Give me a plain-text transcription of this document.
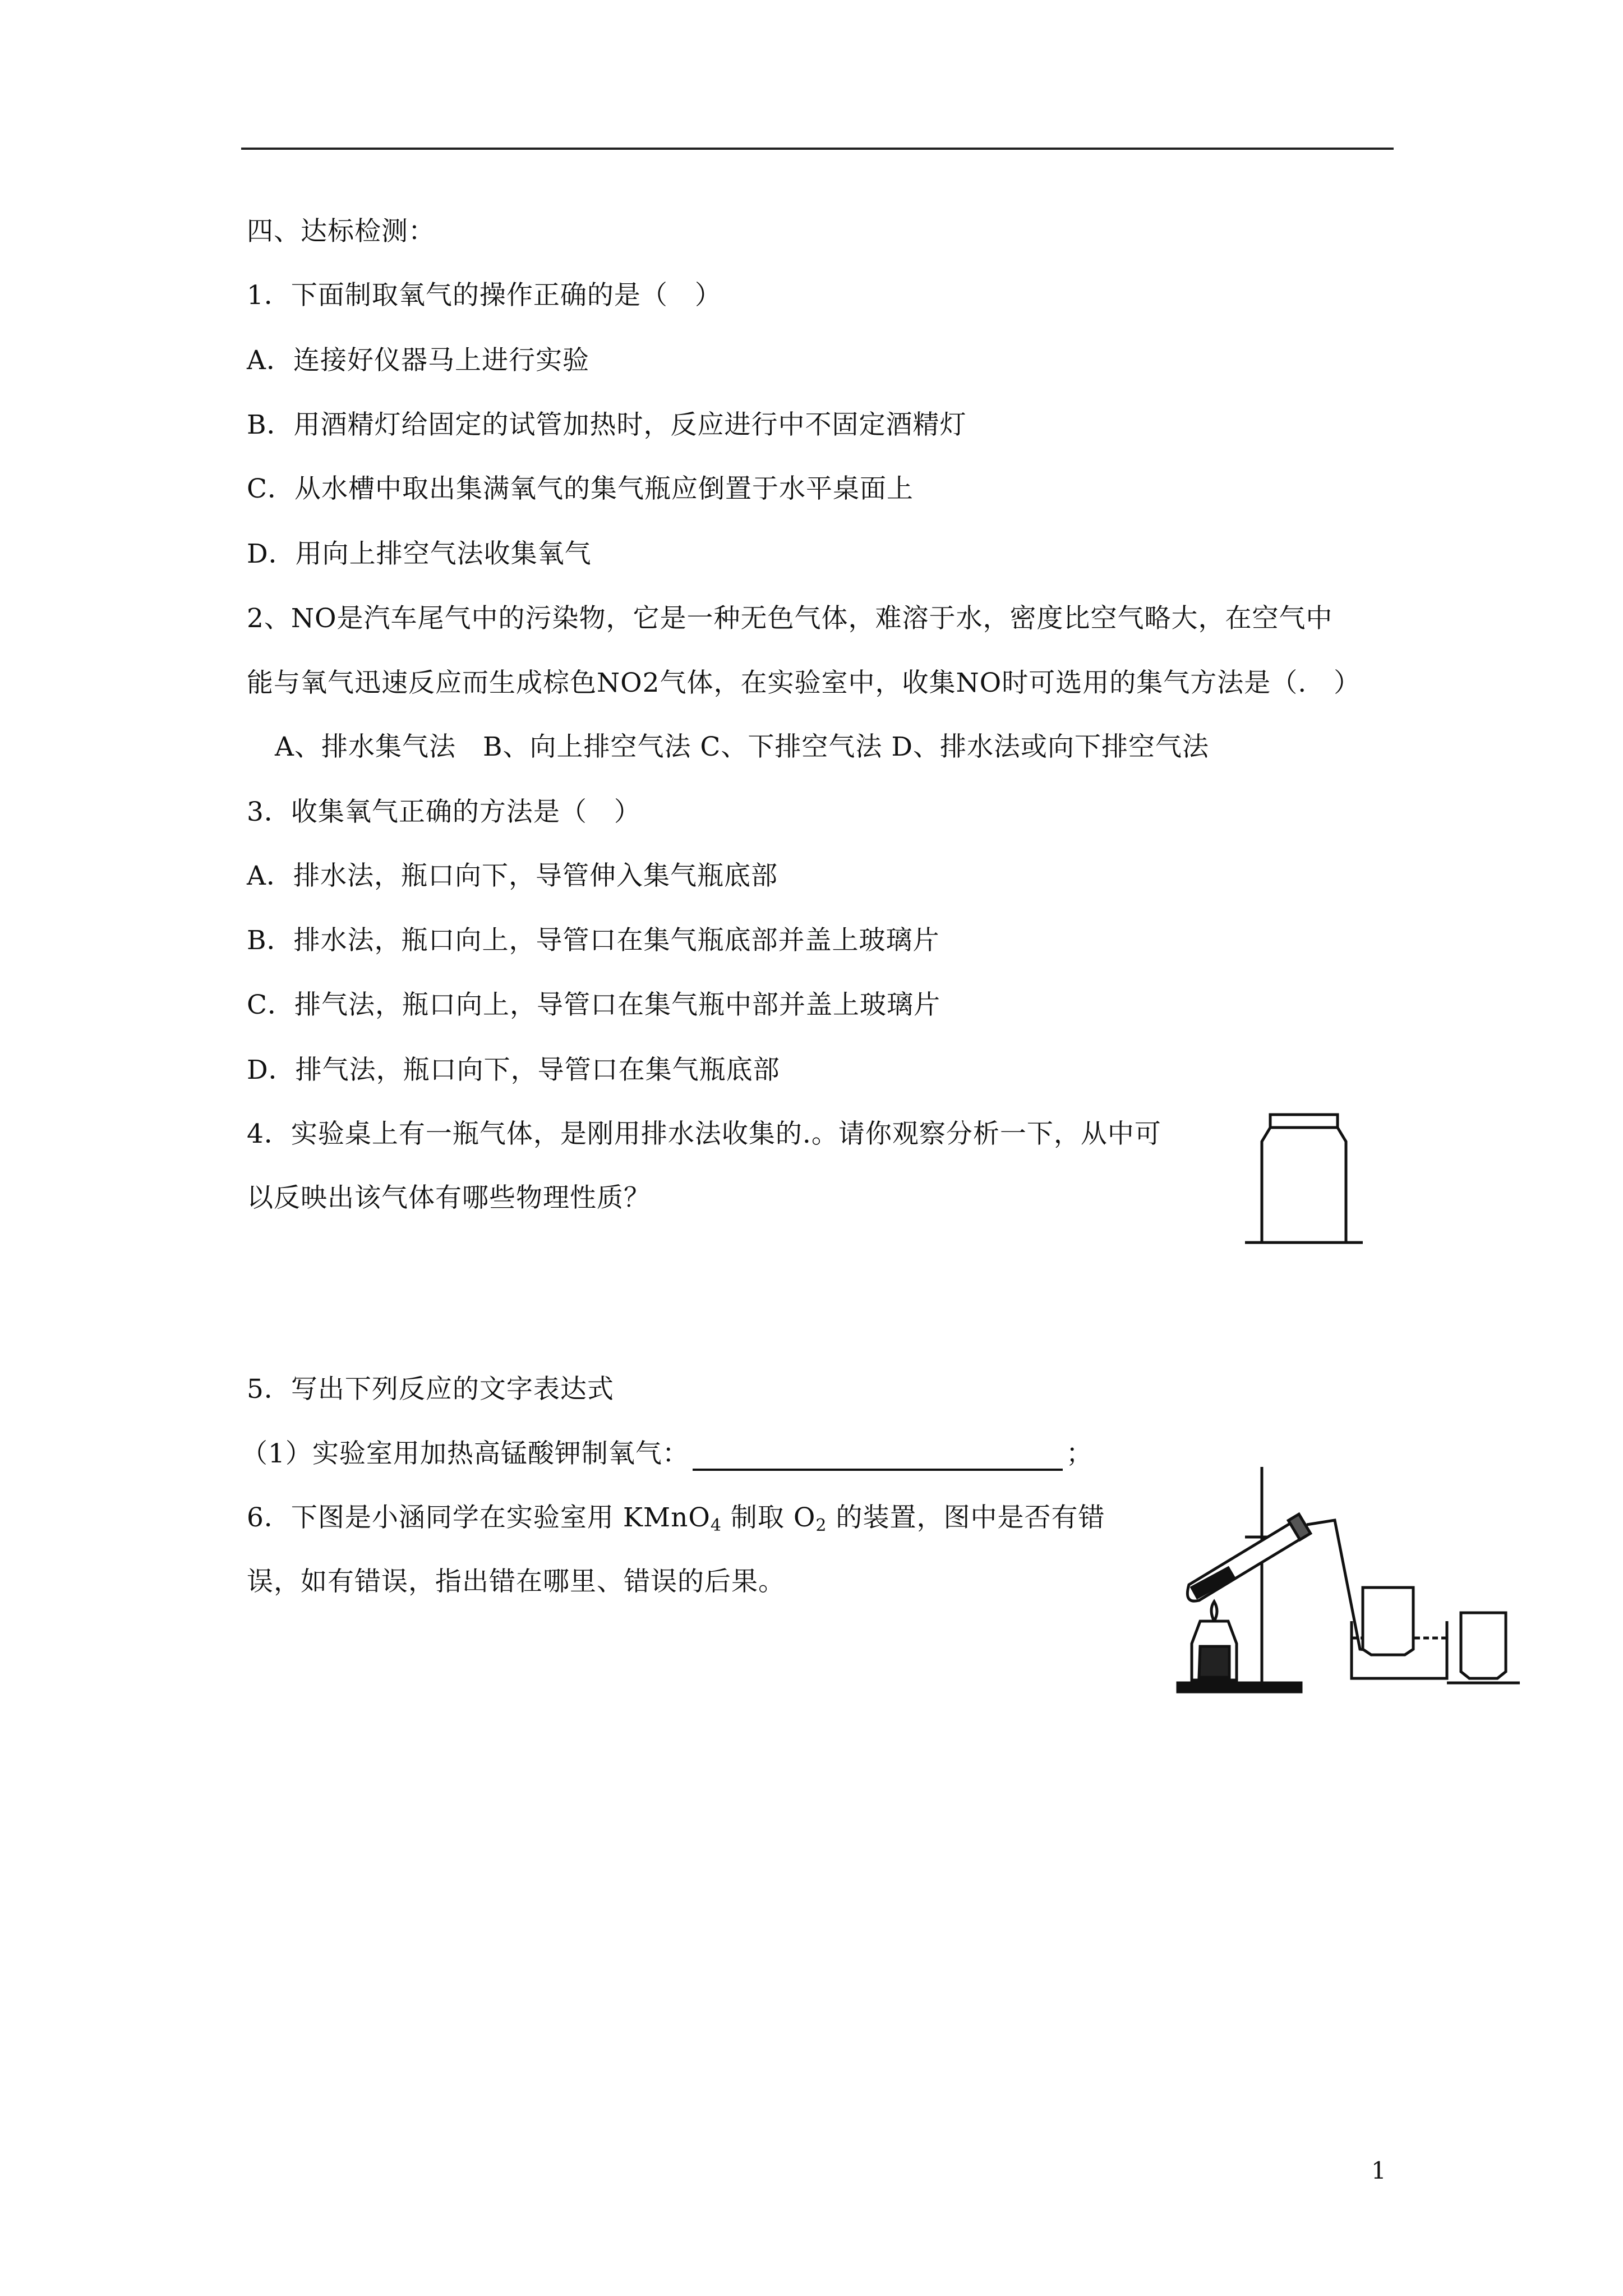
四、达标检测：
1．下面制取氧气的操作正确的是（　）
A．连接好仪器马上进行实验
B．用酒精灯给固定的试管加热时，反应进行中不固定酒精灯
C．从水槽中取出集满氧气的集气瓶应倒置于水平桌面上
D．用向上排空气法收集氧气
2、NO是汽车尾气中的污染物，它是一种无色气体，难溶于水，密度比空气略大，在空气中
能与氧气迅速反应而生成棕色NO2气体，在实验室中，收集NO时可选用的集气方法是（.　）
A、排水集气法　B、向上排空气法 C、下排空气法 D、排水法或向下排空气法
3．收集氧气正确的方法是（　）
A．排水法，瓶口向下，导管伸入集气瓶底部
B．排水法，瓶口向上，导管口在集气瓶底部并盖上玻璃片
C．排气法，瓶口向上，导管口在集气瓶中部并盖上玻璃片
D．排气法，瓶口向下，导管口在集气瓶底部
4．实验桌上有一瓶气体，是刚用排水法收集的.。请你观察分析一下，从中可
以反映出该气体有哪些物理性质？
5．写出下列反应的文字表达式
（1）实验室用加热高锰酸钾制氧气：	；
6．下图是小涵同学在实验室用 KMnO$_4$ 制取 $O_2$ 的装置，图中是否有错
误，如有错误，指出错在哪里、错误的后果。
1
